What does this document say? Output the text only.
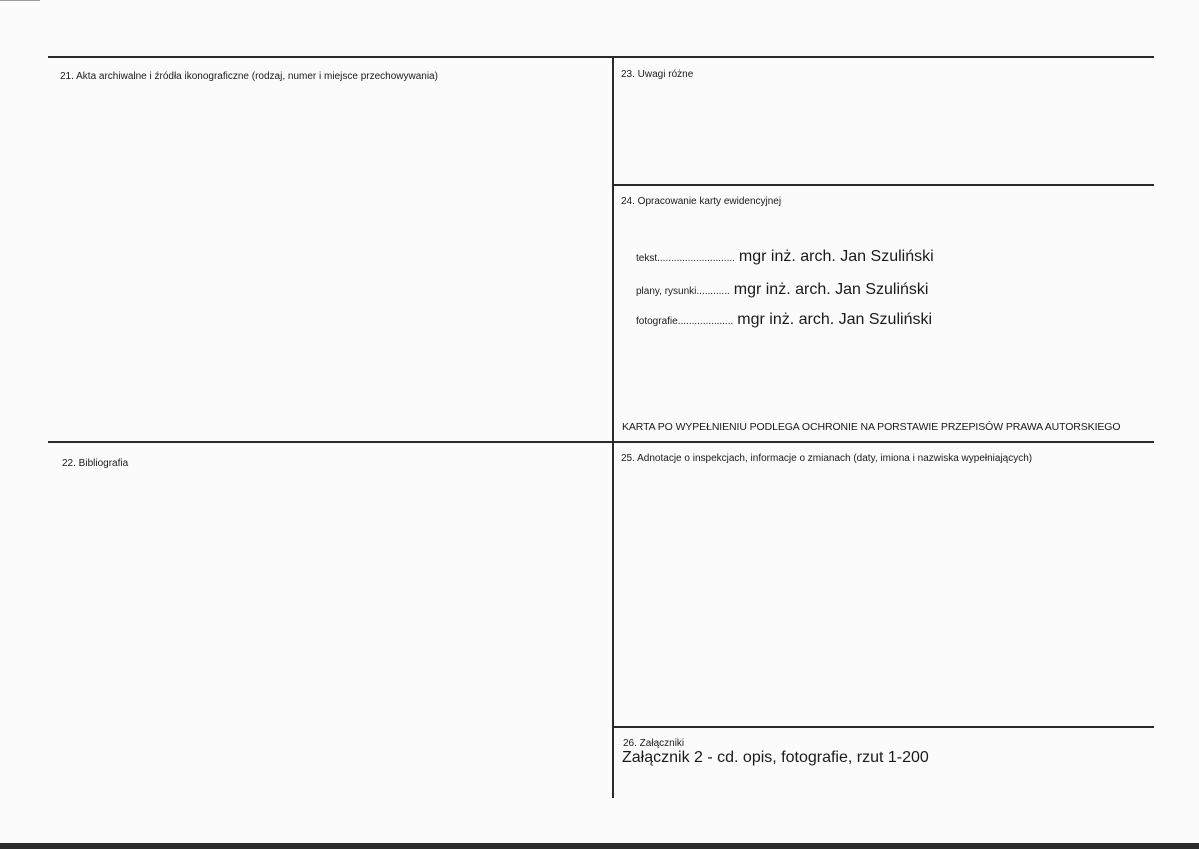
21. Akta archiwalne i źródła ikonograficzne (rodzaj, numer i miejsce przechowywania)
22. Bibliografia
23. Uwagi różne
24. Opracowanie karty ewidencyjnej
tekst ............................ mgr inż. arch. Jan Szuliński
plany, rysunki ............ mgr inż. arch. Jan Szuliński
fotografie .................... mgr inż. arch. Jan Szuliński
KARTA PO WYPEŁNIENIU PODLEGA OCHRONIE NA PORSTAWIE PRZEPISÓW PRAWA AUTORSKIEGO
25. Adnotacje o inspekcjach, informacje o zmianach (daty, imiona i nazwiska wypełniających)
26. Załączniki
Załącznik 2 - cd. opis, fotografie, rzut 1-200
